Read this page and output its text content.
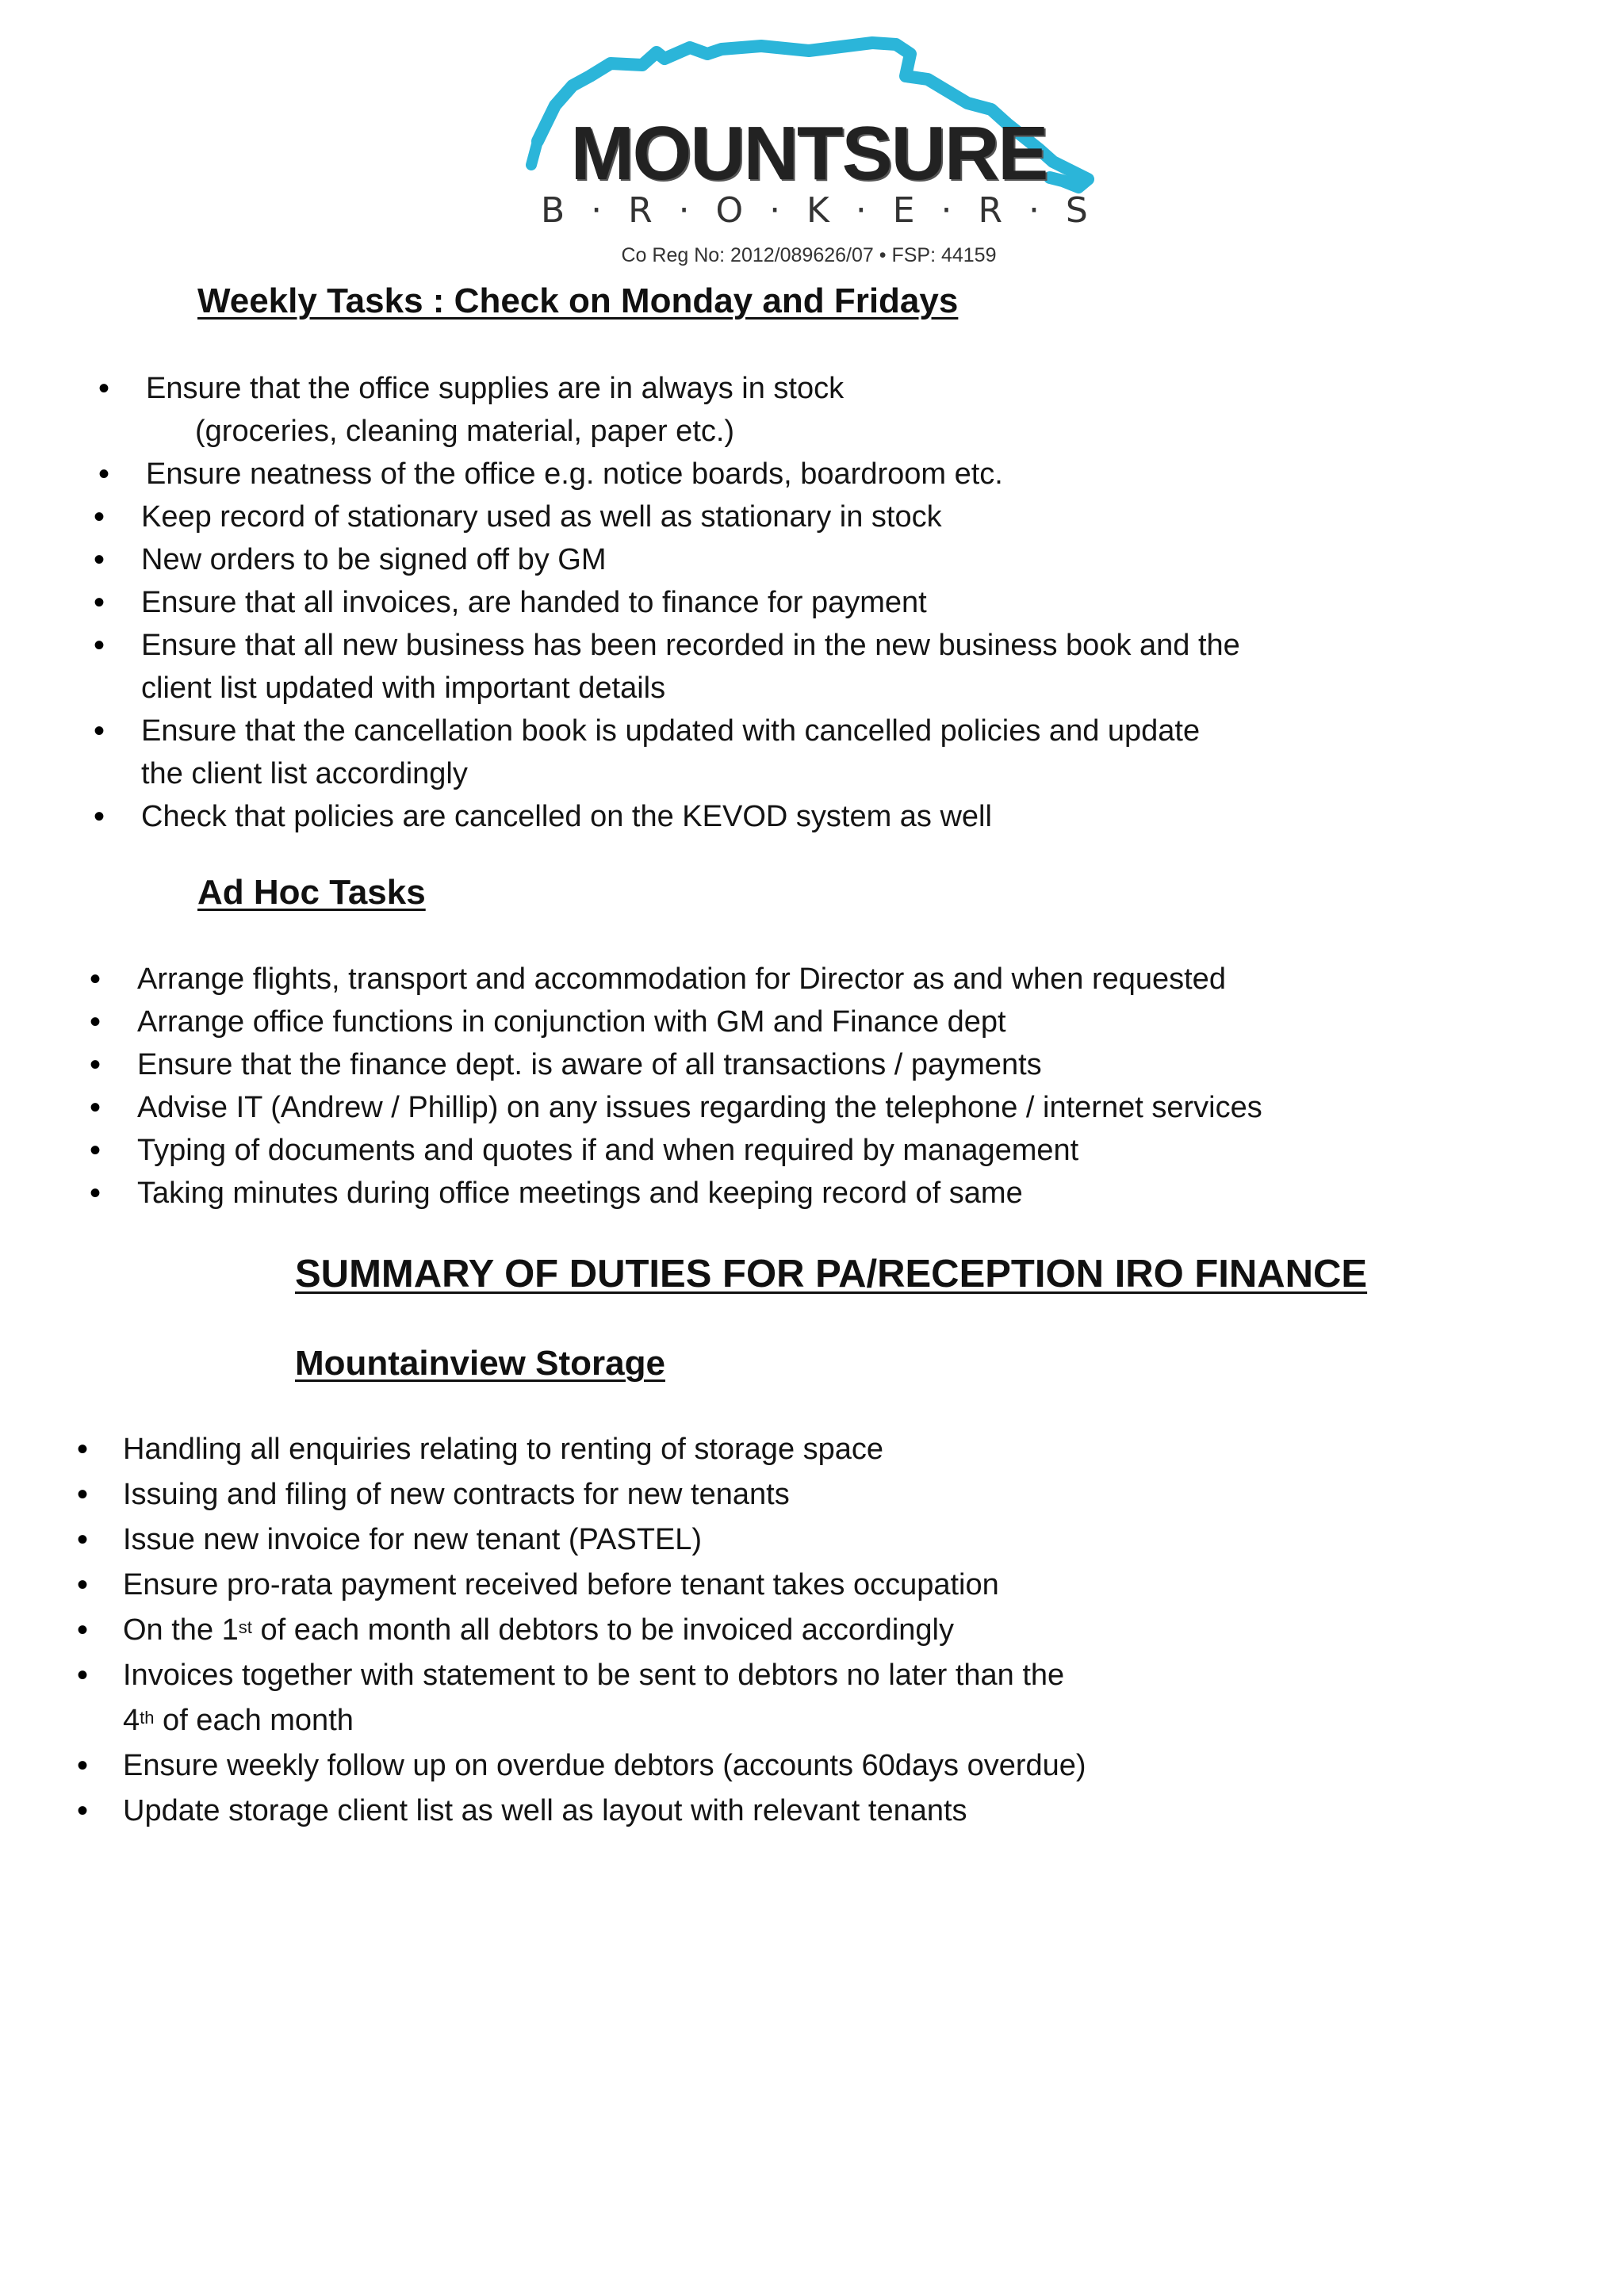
MOUNTSURE
B · R · O · K · E · R · S
Co Reg No: 2012/089626/07 • FSP: 44159
Weekly Tasks : Check on Monday and Fridays
• Ensure that the office supplies are in always in stock
(groceries, cleaning material, paper etc.)
• Ensure neatness of the office e.g. notice boards, boardroom etc.
• Keep record of stationary used as well as stationary in stock
• New orders to be signed off by GM
• Ensure that all invoices, are handed to finance for payment
• Ensure that all new business has been recorded in the new business book and the
client list updated with important details
• Ensure that the cancellation book is updated with cancelled policies and update
the client list accordingly
• Check that policies are cancelled on the KEVOD system as well
Ad Hoc Tasks
• Arrange flights, transport and accommodation for Director as and when requested
• Arrange office functions in conjunction with GM and Finance dept
• Ensure that the finance dept. is aware of all transactions / payments
• Advise IT (Andrew / Phillip) on any issues regarding the telephone / internet services
• Typing of documents and quotes if and when required by management
• Taking minutes during office meetings and keeping record of same
SUMMARY OF DUTIES FOR PA/RECEPTION IRO FINANCE
Mountainview Storage
• Handling all enquiries relating to renting of storage space
• Issuing and filing of new contracts for new tenants
• Issue new invoice for new tenant (PASTEL)
• Ensure pro-rata payment received before tenant takes occupation
• On the 1st of each month all debtors to be invoiced accordingly
• Invoices together with statement to be sent to debtors no later than the
4th of each month
• Ensure weekly follow up on overdue debtors (accounts 60days overdue)
• Update storage client list as well as layout with relevant tenants
